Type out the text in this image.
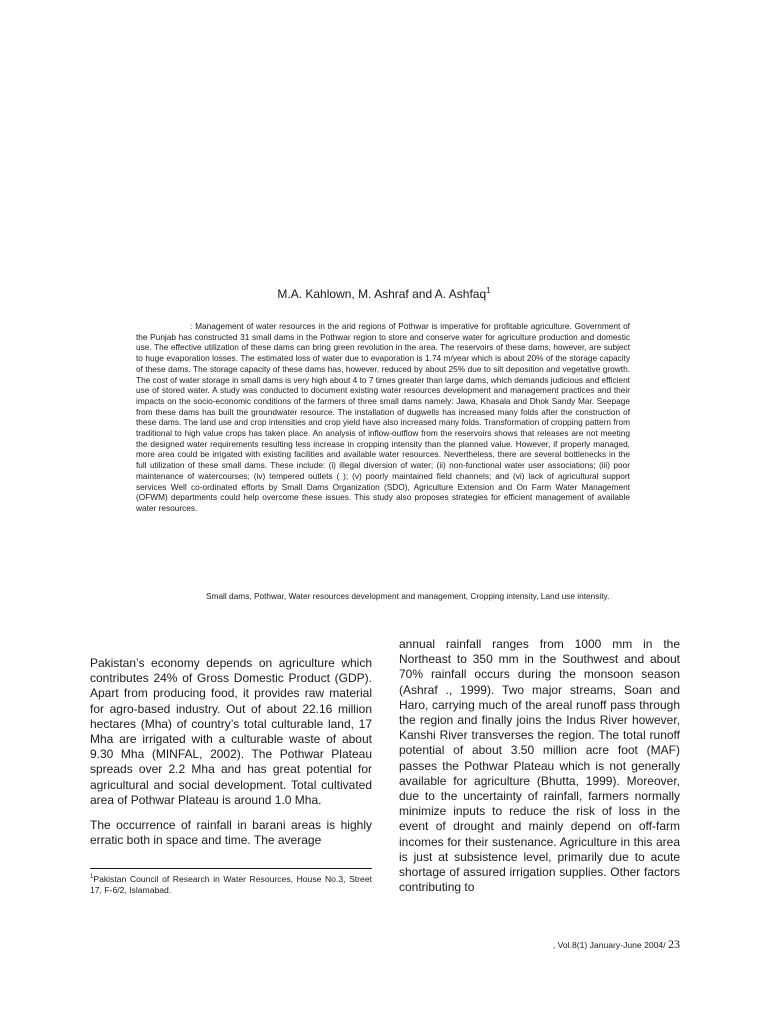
M.A. Kahlown, M. Ashraf and A. Ashfaq$^1$
: Management of water resources in the arid regions of Pothwar is imperative for profitable agriculture. Government of the Punjab has constructed 31 small dams in the Pothwar region to store and conserve water for agriculture production and domestic use. The effective utilization of these dams can bring green revolution in the area. The reservoirs of these dams, however, are subject to huge evaporation losses. The estimated loss of water due to evaporation is 1.74 m/year which is about 20% of the storage capacity of these dams. The storage capacity of these dams has, however, reduced by about 25% due to silt deposition and vegetative growth. The cost of water storage in small dams is very high about 4 to 7 times greater than large dams, which demands judicious and efficient use of stored water. A study was conducted to document existing water resources development and management practices and their impacts on the socio-economic conditions of the farmers of three small dams namely: Jawa, Khasala and Dhok Sandy Mar. Seepage from these dams has built the groundwater resource. The installation of dugwells has increased many folds after the construction of these dams. The land use and crop intensities and crop yield have also increased many folds. Transformation of cropping pattern from traditional to high value crops has taken place. An analysis of inflow-outflow from the reservoirs shows that releases are not meeting the designed water requirements resulting less increase in cropping intensity than the planned value. However, if properly managed, more area could be irrigated with existing facilities and available water resources. Nevertheless, there are several bottlenecks in the full utilization of these small dams. These include: (i) illegal diversion of water; (ii) non-functional water user associations; (iii) poor maintenance of watercourses; (iv) tempered outlets ( ); (v) poorly maintained field channels; and (vi) lack of agricultural support services Well co-ordinated efforts by Small Dams Organization (SDO), Agriculture Extension and On Farm Water Management (OFWM) departments could help overcome these issues. This study also proposes strategies for efficient management of available water resources.
Small dams, Pothwar, Water resources development and management, Cropping intensity, Land use intensity.

Pakistan’s economy depends on agriculture which contributes 24% of Gross Domestic Product (GDP). Apart from producing food, it provides raw material for agro-based industry. Out of about 22.16 million hectares (Mha) of country’s total culturable land, 17 Mha are irrigated with a culturable waste of about 9.30 Mha (MINFAL, 2002). The Pothwar Plateau spreads over 2.2 Mha and has great potential for agricultural and social development. Total cultivated area of Pothwar Plateau is around 1.0 Mha.

The occurrence of rainfall in barani areas is highly erratic both in space and time. The average

annual rainfall ranges from 1000 mm in the Northeast to 350 mm in the Southwest and about 70% rainfall occurs during the monsoon season (Ashraf ., 1999). Two major streams, Soan and Haro, carrying much of the areal runoff pass through the region and finally joins the Indus River however, Kanshi River transverses the region. The total runoff potential of about 3.50 million acre foot (MAF) passes the Pothwar Plateau which is not generally available for agriculture (Bhutta, 1999). Moreover, due to the uncertainty of rainfall, farmers normally minimize inputs to reduce the risk of loss in the event of drought and mainly depend on off-farm incomes for their sustenance. Agriculture in this area is just at subsistence level, primarily due to acute shortage of assured irrigation supplies. Other factors contributing to

$^1$Pakistan Council of Research in Water Resources, House No.3, Street 17, F-6/2, Islamabad.
, Vol.8(1) January-June 2004/ 23
